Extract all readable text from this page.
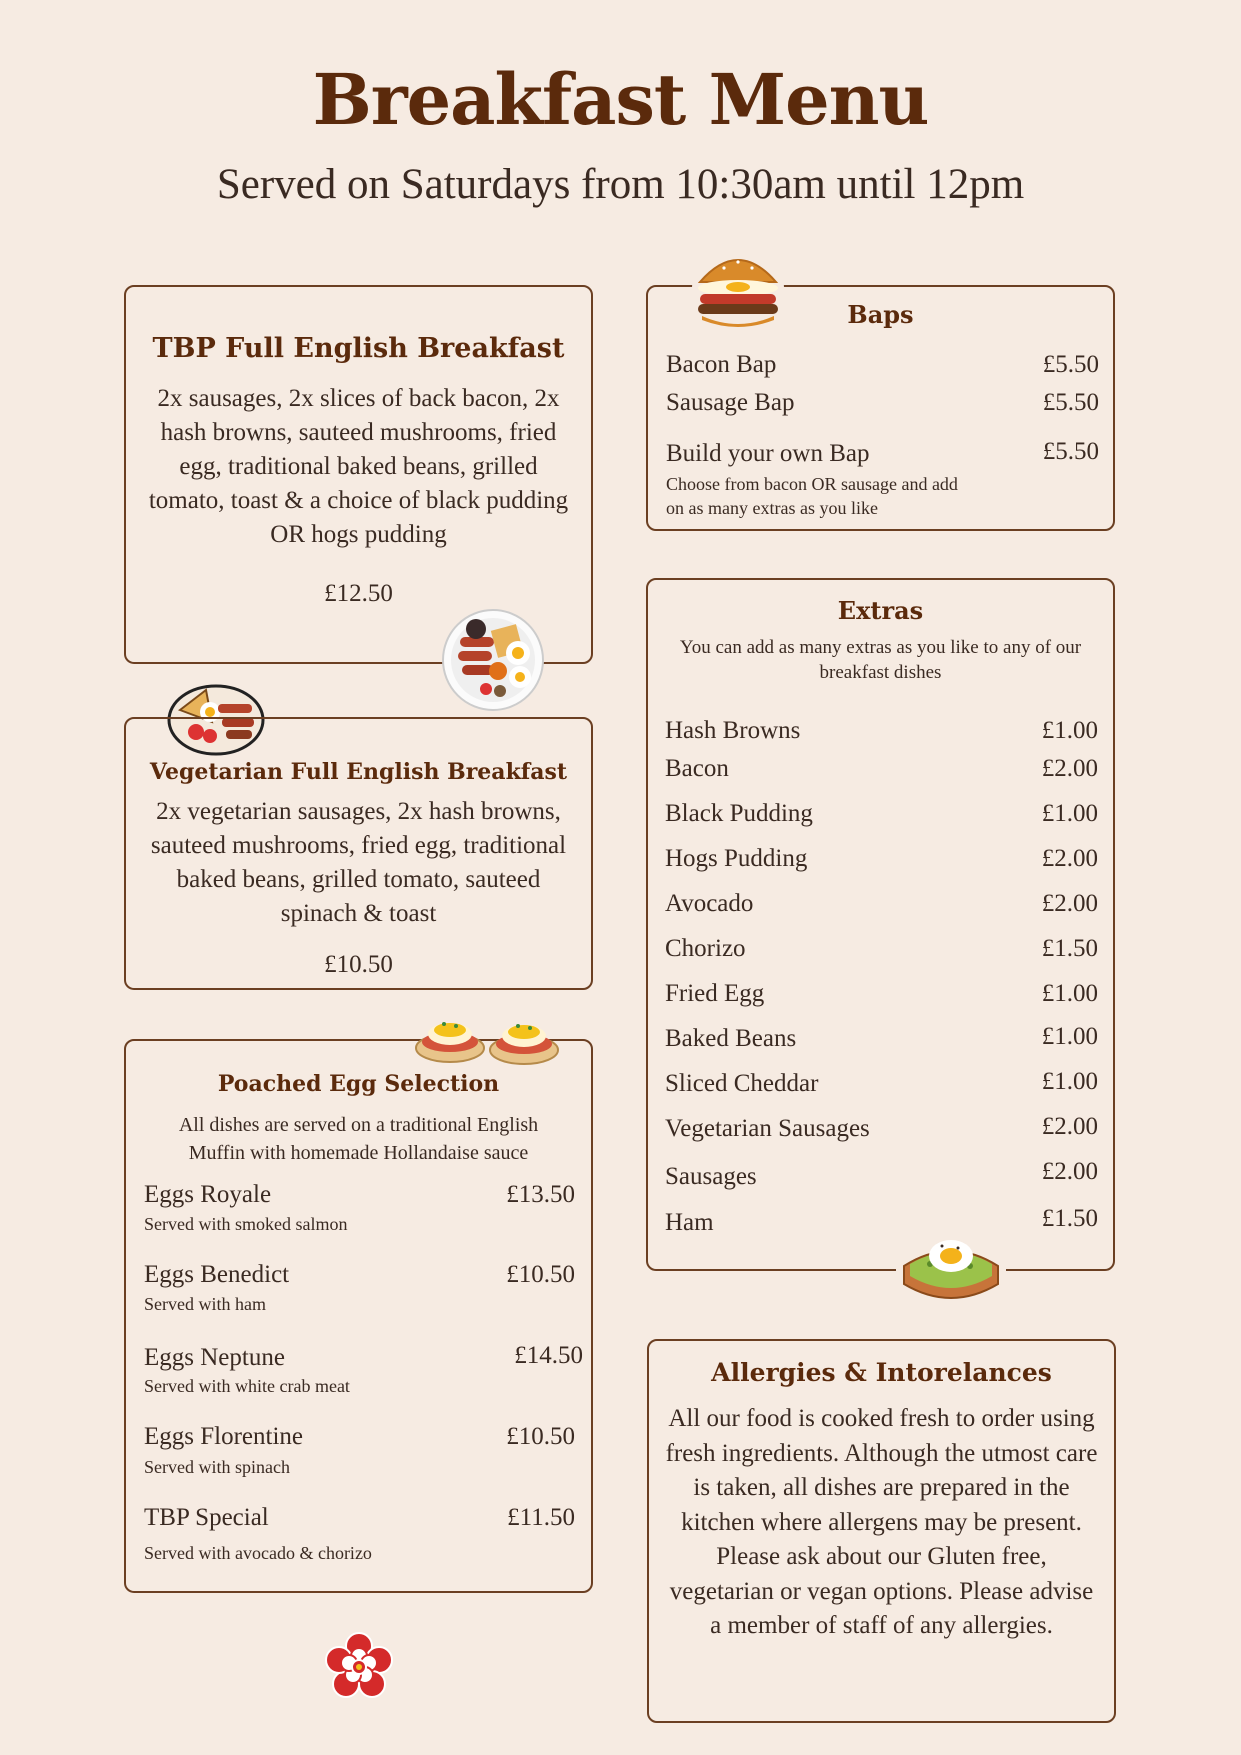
Breakfast Menu
Served on Saturdays from 10:30am until 12pm
TBP Full English Breakfast
2x sausages, 2x slices of back bacon, 2x hash browns, sauteed mushrooms, fried egg, traditional baked beans, grilled tomato, toast & a choice of black pudding OR hogs pudding
£12.50
Vegetarian Full English Breakfast
2x vegetarian sausages, 2x hash browns, sauteed mushrooms, fried egg, traditional baked beans, grilled tomato, sauteed spinach & toast
£10.50
Poached Egg Selection
All dishes are served on a traditional English Muffin with homemade Hollandaise sauce
Eggs Royale	£13.50
Served with smoked salmon
Eggs Benedict	£10.50
Served with ham
Eggs Neptune	£14.50
Served with white crab meat
Eggs Florentine	£10.50
Served with spinach
TBP Special	£11.50
Served with avocado & chorizo
Baps
Bacon Bap	£5.50
Sausage Bap	£5.50
Build your own Bap	£5.50
Choose from bacon OR sausage and add
on as many extras as you like
Extras
You can add as many extras as you like to any of our breakfast dishes
Hash Browns	£1.00
Bacon	£2.00
Black Pudding	£1.00
Hogs Pudding	£2.00
Avocado	£2.00
Chorizo	£1.50
Fried Egg	£1.00
Baked Beans	£1.00
Sliced Cheddar	£1.00
Vegetarian Sausages	£2.00
Sausages	£2.00
Ham	£1.50
Allergies & Intorelances
All our food is cooked fresh to order using fresh ingredients. Although the utmost care is taken, all dishes are prepared in the kitchen where allergens may be present. Please ask about our Gluten free, vegetarian or vegan options. Please advise a member of staff of any allergies.
